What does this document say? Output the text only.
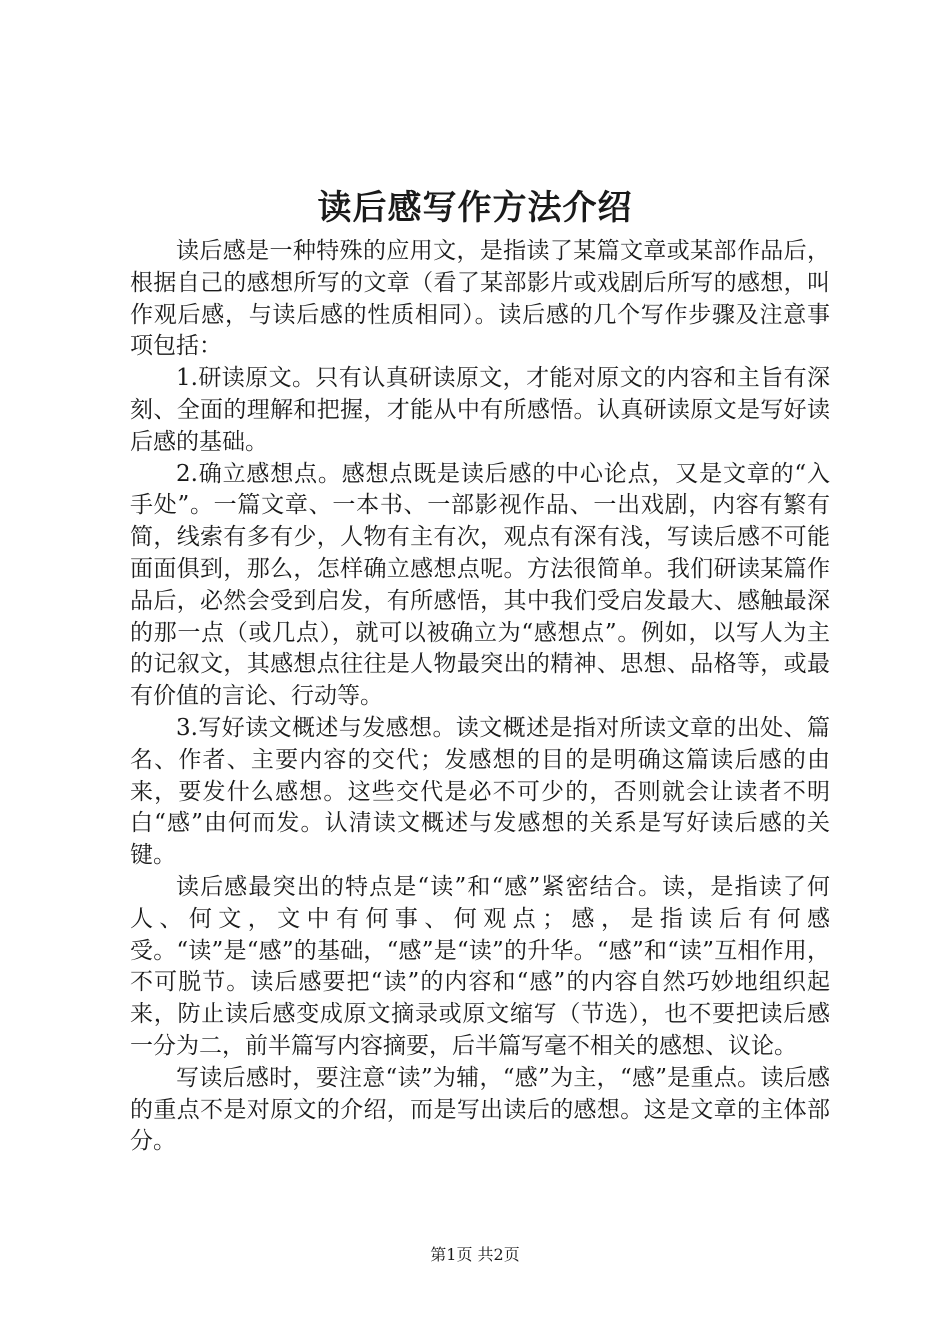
读后感写作方法介绍

读后感是一种特殊的应用文，是指读了某篇文章或某部作品后，根据自己的感想所写的文章（看了某部影片或戏剧后所写的感想，叫作观后感，与读后感的性质相同）。读后感的几个写作步骤及注意事项包括：

1.研读原文。只有认真研读原文，才能对原文的内容和主旨有深刻、全面的理解和把握，才能从中有所感悟。认真研读原文是写好读后感的基础。

2.确立感想点。感想点既是读后感的中心论点，又是文章的“入手处”。一篇文章、一本书、一部影视作品、一出戏剧，内容有繁有简，线索有多有少，人物有主有次，观点有深有浅，写读后感不可能面面俱到，那么，怎样确立感想点呢。方法很简单。我们研读某篇作品后，必然会受到启发，有所感悟，其中我们受启发最大、感触最深的那一点（或几点），就可以被确立为“感想点”。例如，以写人为主的记叙文，其感想点往往是人物最突出的精神、思想、品格等，或最有价值的言论、行动等。

3.写好读文概述与发感想。读文概述是指对所读文章的出处、篇名、作者、主要内容的交代；发感想的目的是明确这篇读后感的由来，要发什么感想。这些交代是必不可少的，否则就会让读者不明白“感”由何而发。认清读文概述与发感想的关系是写好读后感的关键。

读后感最突出的特点是“读”和“感”紧密结合。读，是指读了何人、何文，文中有何事、何观点；感，是指读后有何感受。“读”是“感”的基础，“感”是“读”的升华。“感”和“读”互相作用，不可脱节。读后感要把“读”的内容和“感”的内容自然巧妙地组织起来，防止读后感变成原文摘录或原文缩写（节选），也不要把读后感一分为二，前半篇写内容摘要，后半篇写毫不相关的感想、议论。

写读后感时，要注意“读”为辅，“感”为主，“感”是重点。读后感的重点不是对原文的介绍，而是写出读后的感想。这是文章的主体部分。

第1页 共2页
